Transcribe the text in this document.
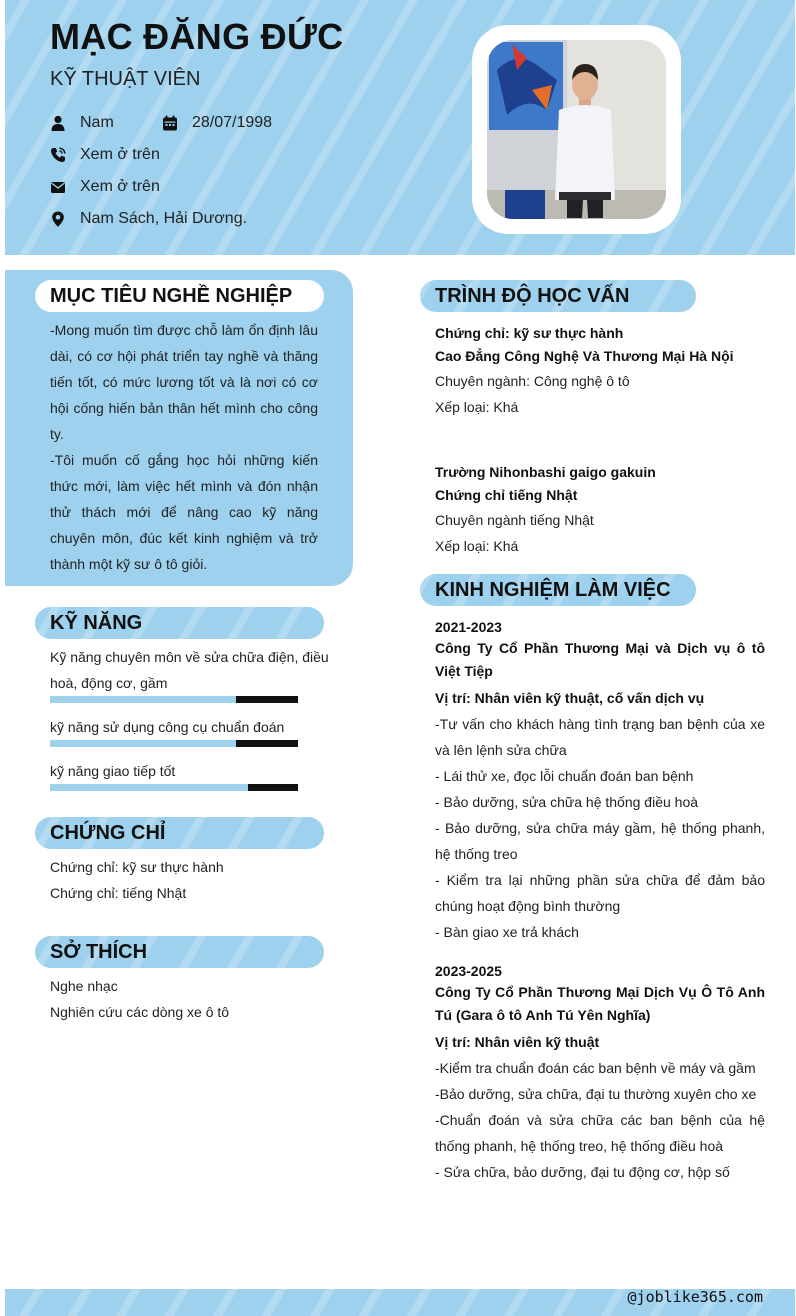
MẠC ĐĂNG ĐỨC
KỸ THUẬT VIÊN
Nam	28/07/1998
Xem ở trên
Xem ở trên
Nam Sách, Hải Dương.
MỤC TIÊU NGHỀ NGHIỆP

-Mong muốn tìm được chỗ làm ổn định lâu dài, có cơ hội phát triển tay nghề và thăng tiến tốt, có mức lương tốt và là nơi có cơ hội cống hiến bản thân hết mình cho công ty.

-Tôi muốn cố gắng học hỏi những kiến thức mới, làm việc hết mình và đón nhận thử thách mới để nâng cao kỹ năng chuyên môn, đúc kết kinh nghiệm và trở thành một kỹ sư ô tô giỏi.

KỸ NĂNG
Kỹ năng chuyên môn về sửa chữa điện, điều hoà, động cơ, gầm
kỹ năng sử dụng công cụ chuẩn đoán
kỹ năng giao tiếp tốt
CHỨNG CHỈ
Chứng chỉ: kỹ sư thực hành
Chứng chỉ: tiếng Nhật
SỞ THÍCH
Nghe nhạc
Nghiên cứu các dòng xe ô tô
TRÌNH ĐỘ HỌC VẤN
Chứng chỉ: kỹ sư thực hành
Cao Đẳng Công Nghệ Và Thương Mại Hà Nội
Chuyên ngành: Công nghệ ô tô
Xếp loại: Khá
Trường Nihonbashi gaigo gakuin
Chứng chỉ tiếng Nhật
Chuyên ngành tiếng Nhật
Xếp loại: Khá
KINH NGHIỆM LÀM VIỆC
2021-2023
Công Ty Cổ Phần Thương Mại và Dịch vụ ô tô Việt Tiệp
Vị trí: Nhân viên kỹ thuật, cố vấn dịch vụ
-Tư vấn cho khách hàng tình trạng ban bệnh của xe và lên lệnh sửa chữa
- Lái thử xe, đọc lỗi chuẩn đoán ban bệnh
- Bảo dưỡng, sửa chữa hệ thống điều hoà
- Bảo dưỡng, sửa chữa máy gầm, hệ thống phanh, hệ thống treo
- Kiểm tra lại những phần sửa chữa để đảm bảo chúng hoạt động bình thường
- Bàn giao xe trả khách
2023-2025
Công Ty Cổ Phần Thương Mại Dịch Vụ Ô Tô Anh Tú (Gara ô tô Anh Tú Yên Nghĩa)
Vị trí: Nhân viên kỹ thuật
-Kiểm tra chuẩn đoán các ban bệnh về máy và gầm
-Bảo dưỡng, sửa chữa, đại tu thường xuyên cho xe
-Chuẩn đoán và sửa chữa các ban bệnh của hệ thống phanh, hệ thống treo, hệ thống điều hoà
- Sửa chữa, bảo dưỡng, đại tu động cơ, hộp số
@joblike365.com
